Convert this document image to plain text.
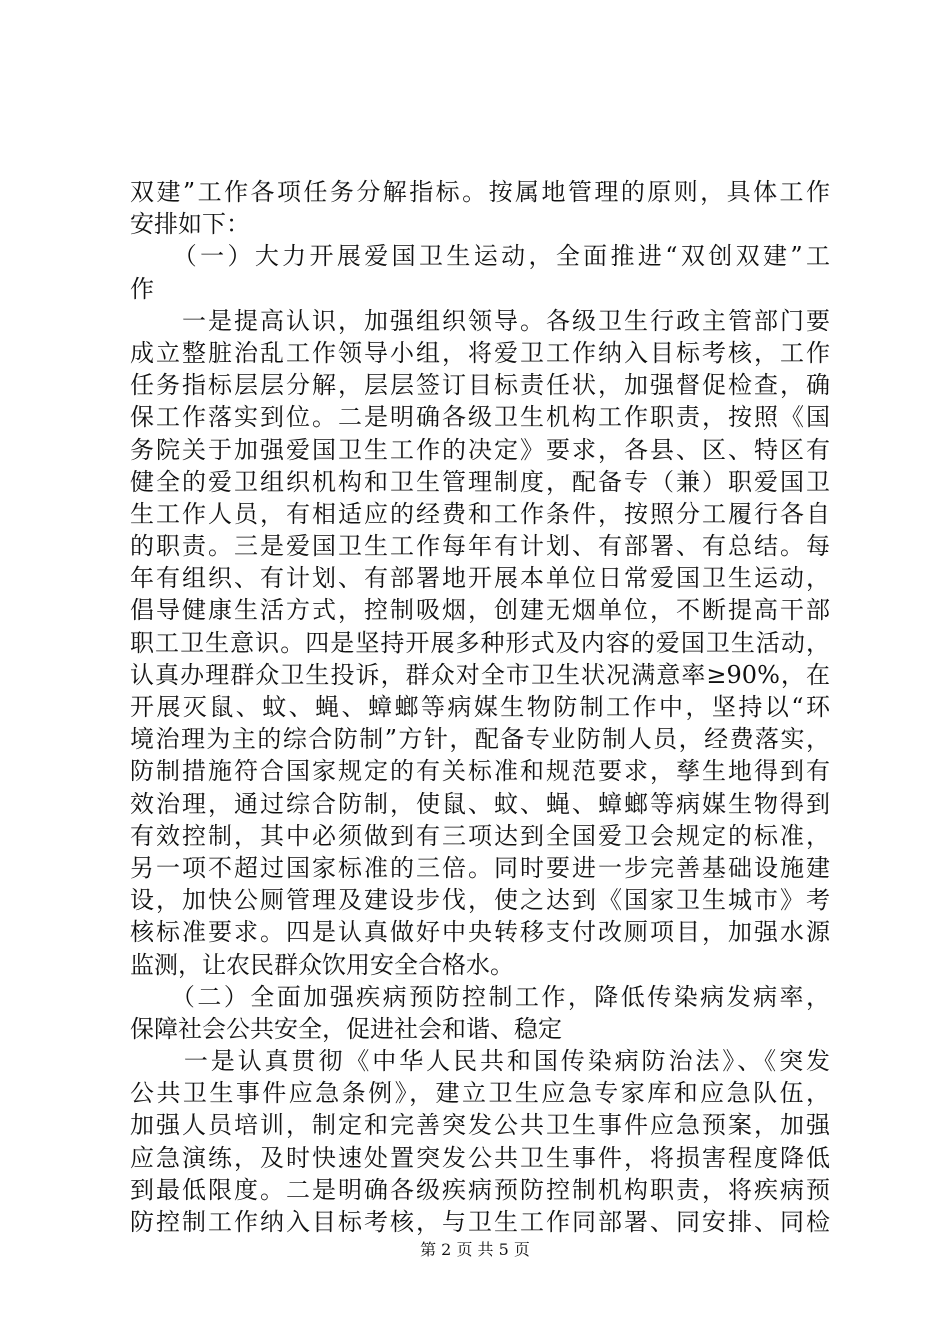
双建”工作各项任务分解指标。按属地管理的原则，具体工作
安排如下：
　　（一）大力开展爱国卫生运动，全面推进“双创双建”工
作
　　一是提高认识，加强组织领导。各级卫生行政主管部门要
成立整脏治乱工作领导小组，将爱卫工作纳入目标考核，工作
任务指标层层分解，层层签订目标责任状，加强督促检查，确
保工作落实到位。二是明确各级卫生机构工作职责，按照《国
务院关于加强爱国卫生工作的决定》要求，各县、区、特区有
健全的爱卫组织机构和卫生管理制度，配备专（兼）职爱国卫
生工作人员，有相适应的经费和工作条件，按照分工履行各自
的职责。三是爱国卫生工作每年有计划、有部署、有总结。每
年有组织、有计划、有部署地开展本单位日常爱国卫生运动，
倡导健康生活方式，控制吸烟，创建无烟单位，不断提高干部
职工卫生意识。四是坚持开展多种形式及内容的爱国卫生活动，
认真办理群众卫生投诉，群众对全市卫生状况满意率≥90%，在
开展灭鼠、蚊、蝇、蟑螂等病媒生物防制工作中，坚持以“环
境治理为主的综合防制”方针，配备专业防制人员，经费落实，
防制措施符合国家规定的有关标准和规范要求，孳生地得到有
效治理，通过综合防制，使鼠、蚊、蝇、蟑螂等病媒生物得到
有效控制，其中必须做到有三项达到全国爱卫会规定的标准，
另一项不超过国家标准的三倍。同时要进一步完善基础设施建
设，加快公厕管理及建设步伐，使之达到《国家卫生城市》考
核标准要求。四是认真做好中央转移支付改厕项目，加强水源
监测，让农民群众饮用安全合格水。
　　（二）全面加强疾病预防控制工作，降低传染病发病率，
保障社会公共安全，促进社会和谐、稳定
　　一是认真贯彻《中华人民共和国传染病防治法》、《突发
公共卫生事件应急条例》，建立卫生应急专家库和应急队伍，
加强人员培训，制定和完善突发公共卫生事件应急预案，加强
应急演练，及时快速处置突发公共卫生事件，将损害程度降低
到最低限度。二是明确各级疾病预防控制机构职责，将疾病预
防控制工作纳入目标考核，与卫生工作同部署、同安排、同检
第 2 页 共 5 页
